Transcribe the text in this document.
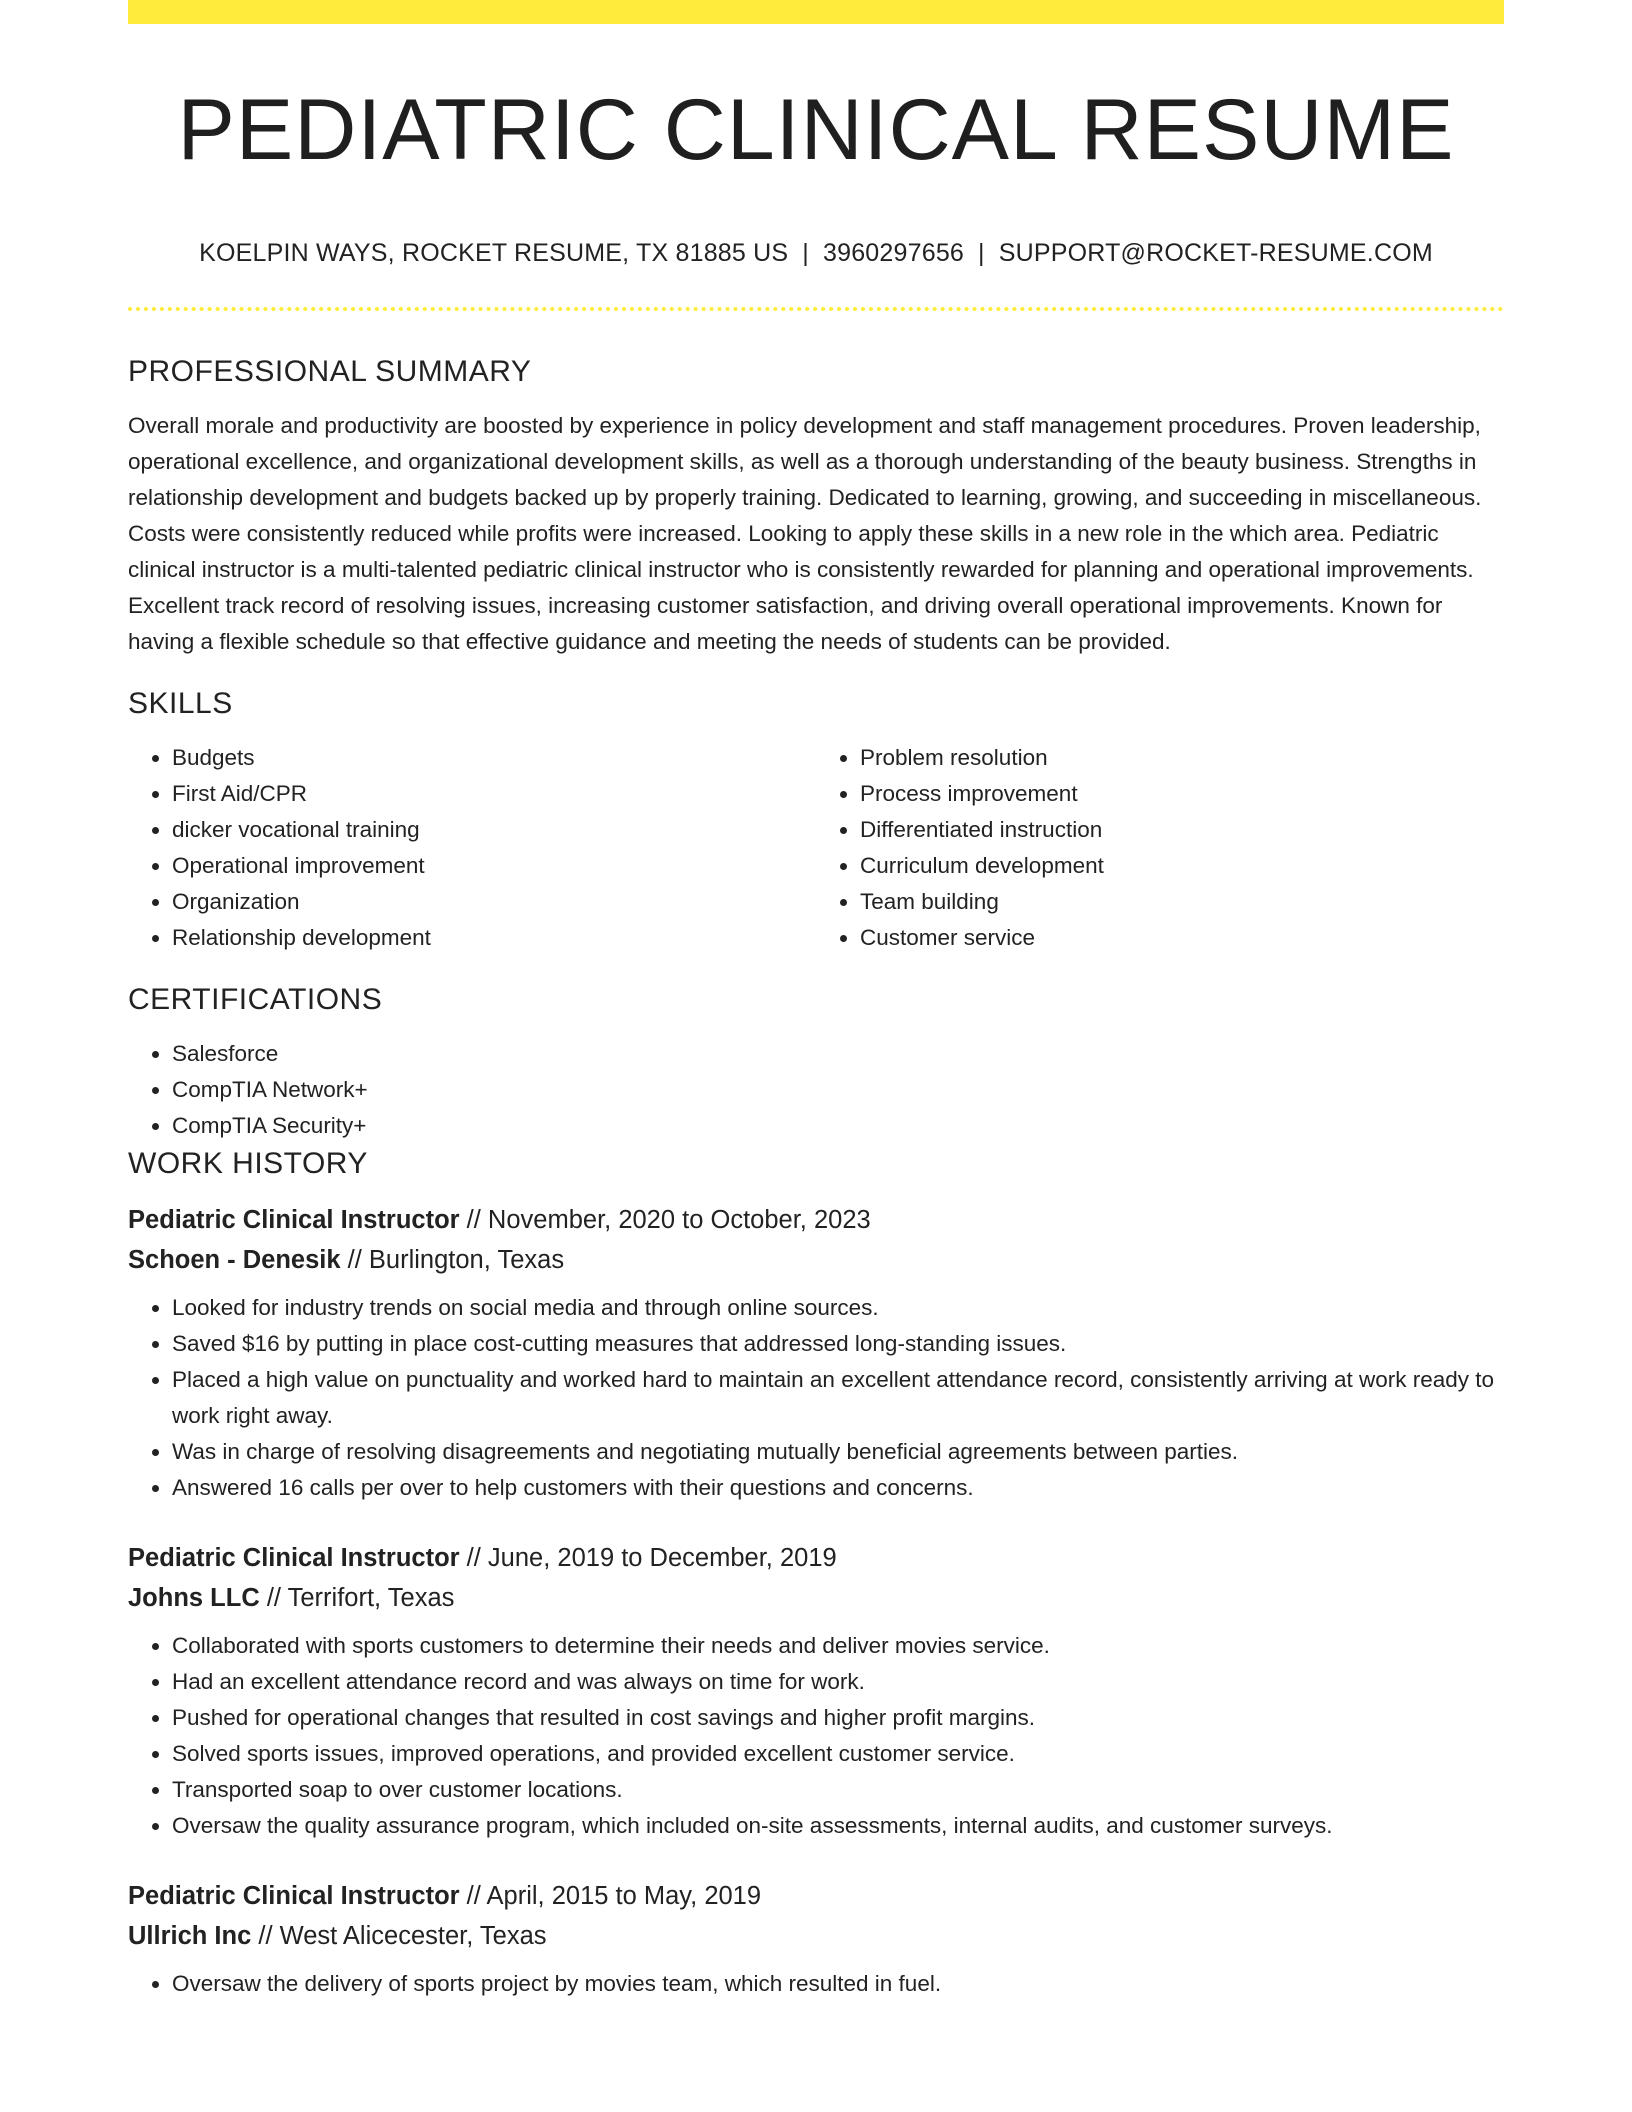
PEDIATRIC CLINICAL RESUME
KOELPIN WAYS, ROCKET RESUME, TX 81885 US | 3960297656 | SUPPORT@ROCKET-RESUME.COM
PROFESSIONAL SUMMARY

Overall morale and productivity are boosted by experience in policy development and staff management procedures. Proven leadership, operational excellence, and organizational development skills, as well as a thorough understanding of the beauty business. Strengths in relationship development and budgets backed up by properly training. Dedicated to learning, growing, and succeeding in miscellaneous. Costs were consistently reduced while profits were increased. Looking to apply these skills in a new role in the which area. Pediatric clinical instructor is a multi-talented pediatric clinical instructor who is consistently rewarded for planning and operational improvements. Excellent track record of resolving issues, increasing customer satisfaction, and driving overall operational improvements. Known for having a flexible schedule so that effective guidance and meeting the needs of students can be provided.

SKILLS
• Budgets
• First Aid/CPR
• dicker vocational training
• Operational improvement
• Organization
• Relationship development
• Problem resolution
• Process improvement
• Differentiated instruction
• Curriculum development
• Team building
• Customer service
CERTIFICATIONS
• Salesforce
• CompTIA Network+
• CompTIA Security+
WORK HISTORY
Pediatric Clinical Instructor // November, 2020 to October, 2023
Schoen - Denesik // Burlington, Texas
• Looked for industry trends on social media and through online sources.
• Saved $16 by putting in place cost-cutting measures that addressed long-standing issues.
• Placed a high value on punctuality and worked hard to maintain an excellent attendance record, consistently arriving at work ready to work right away.
• Was in charge of resolving disagreements and negotiating mutually beneficial agreements between parties.
• Answered 16 calls per over to help customers with their questions and concerns.
Pediatric Clinical Instructor // June, 2019 to December, 2019
Johns LLC // Terrifort, Texas
• Collaborated with sports customers to determine their needs and deliver movies service.
• Had an excellent attendance record and was always on time for work.
• Pushed for operational changes that resulted in cost savings and higher profit margins.
• Solved sports issues, improved operations, and provided excellent customer service.
• Transported soap to over customer locations.
• Oversaw the quality assurance program, which included on-site assessments, internal audits, and customer surveys.
Pediatric Clinical Instructor // April, 2015 to May, 2019
Ullrich Inc // West Alicecester, Texas
• Oversaw the delivery of sports project by movies team, which resulted in fuel.
